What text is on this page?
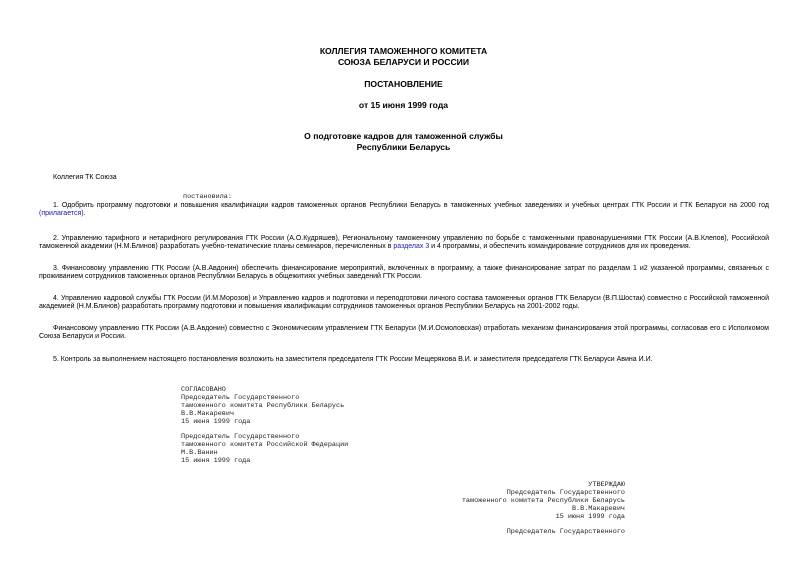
КОЛЛЕГИЯ ТАМОЖЕННОГО КОМИТЕТА
СОЮЗА БЕЛАРУСИ И РОССИИ
ПОСТАНОВЛЕНИЕ
от 15 июня 1999 года
О подготовке кадров для таможенной службы
Республики Беларусь
Коллегия ТК Союза
постановила:

1. Одобрить программу подготовки и повышения квалификации кадров таможенных органов Республики Беларусь в таможенных учебных заведениях и учебных центрах ГТК России и ГТК Беларуси на 2000 год (прилагается).

2. Управлению тарифного и нетарифного регулирования ГТК России (А.О.Кудряшев), Региональному таможенному управлению по борьбе с таможенными правонарушениями ГТК России (А.В.Клепов), Российской таможенной академии (Н.М.Блинов) разработать учебно-тематические планы семинаров, перечисленных в разделах 3 и 4 программы, и обеспечить командирование сотрудников для их проведения.

3. Финансовому управлению ГТК России (А.В.Авдонин) обеспечить финансирование мероприятий, включенных в программу, а также финансирование затрат по разделам 1 и2 указанной программы, связанных с проживанием сотрудников таможенных органов Республики Беларусь в общежитиях учебных заведений ГТК России.

4. Управлению кадровой службы ГТК России (И.М.Морозов) и Управлению кадров и подготовки и переподготовки личного состава таможенных органов ГТК Беларуси (В.П.Шостак) совместно с Российской таможенной академией (Н.М.Блинов) разработать программу подготовки и повышения квалификации сотрудников таможенных органов Республики Беларусь на 2001-2002 годы.

Финансовому управлению ГТК России (А.В.Авдонин) совместно с Экономическим управлением ГТК Беларуси (М.И.Осмоловская) отработать механизм финансирования этой программы, согласовав его с Исполкомом Союза Беларуси и России.

5. Контроль за выполнением настоящего постановления возложить на заместителя председателя ГТК России Мещерякова В.И. и заместителя председателя ГТК Беларуси Авина И.И.

СОГЛАСОВАНО
Председатель Государственного
таможенного комитета Республики Беларусь
В.В.Макаревич
15 июня 1999 года
Председатель Государственного
таможенного комитета Российской Федерации
М.В.Ванин
15 июня 1999 года
УТВЕРЖДАЮ
Председатель Государственного
таможенного комитета Республики Беларусь
В.В.Макаревич
15 июня 1999 года
Председатель Государственного
